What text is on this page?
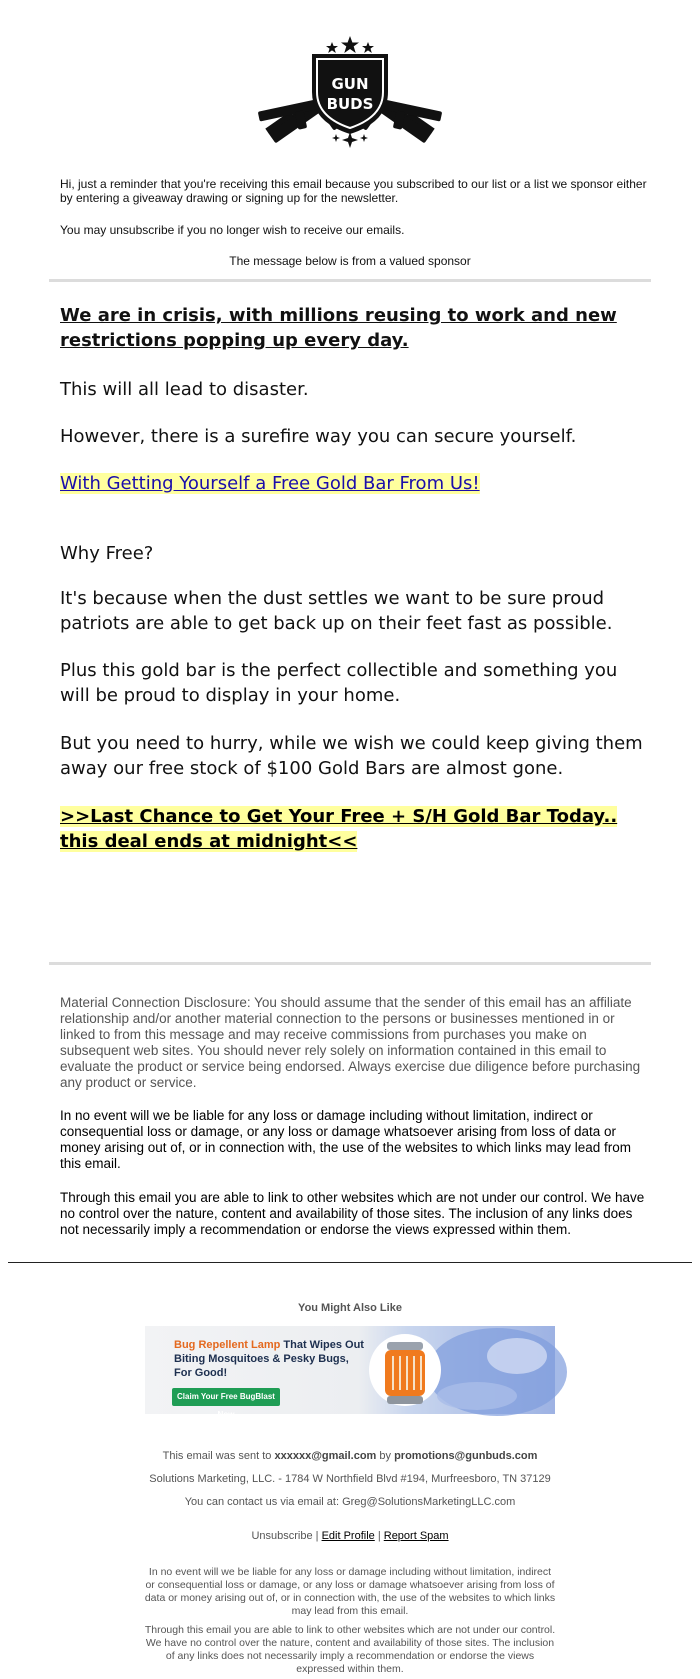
GUN
BUDS
Hi, just a reminder that you're receiving this email because you subscribed to our list or a list we sponsor either by entering a giveaway drawing or signing up for the newsletter.
You may unsubscribe if you no longer wish to receive our emails.
The message below is from a valued sponsor
We are in crisis, with millions reusing to work and new restrictions popping up every day.
This will all lead to disaster.
However, there is a surefire way you can secure yourself.
With Getting Yourself a Free Gold Bar From Us!
Why Free?
It's because when the dust settles we want to be sure proud patriots are able to get back up on their feet fast as possible.
Plus this gold bar is the perfect collectible and something you will be proud to display in your home.
But you need to hurry, while we wish we could keep giving them away our free stock of $100 Gold Bars are almost gone.
>>Last Chance to Get Your Free + S/H Gold Bar Today.. this deal ends at midnight<<
Material Connection Disclosure: You should assume that the sender of this email has an affiliate relationship and/or another material connection to the persons or businesses mentioned in or linked to from this message and may receive commissions from purchases you make on subsequent web sites. You should never rely solely on information contained in this email to evaluate the product or service being endorsed. Always exercise due diligence before purchasing any product or service.
In no event will we be liable for any loss or damage including without limitation, indirect or consequential loss or damage, or any loss or damage whatsoever arising from loss of data or money arising out of, or in connection with, the use of the websites to which links may lead from this email.
Through this email you are able to link to other websites which are not under our control. We have no control over the nature, content and availability of those sites. The inclusion of any links does not necessarily imply a recommendation or endorse the views expressed within them.
You Might Also Like
Bug Repellent Lamp That Wipes Out Biting Mosquitoes & Pesky Bugs, For Good!
Claim Your Free BugBlast Now
This email was sent to xxxxxx@gmail.com by promotions@gunbuds.com
Solutions Marketing, LLC. - 1784 W Northfield Blvd #194, Murfreesboro, TN 37129
You can contact us via email at: Greg@SolutionsMarketingLLC.com
Unsubscribe | Edit Profile | Report Spam
In no event will we be liable for any loss or damage including without limitation, indirect or consequential loss or damage, or any loss or damage whatsoever arising from loss of data or money arising out of, or in connection with, the use of the websites to which links may lead from this email.
Through this email you are able to link to other websites which are not under our control. We have no control over the nature, content and availability of those sites. The inclusion of any links does not necessarily imply a recommendation or endorse the views expressed within them.
